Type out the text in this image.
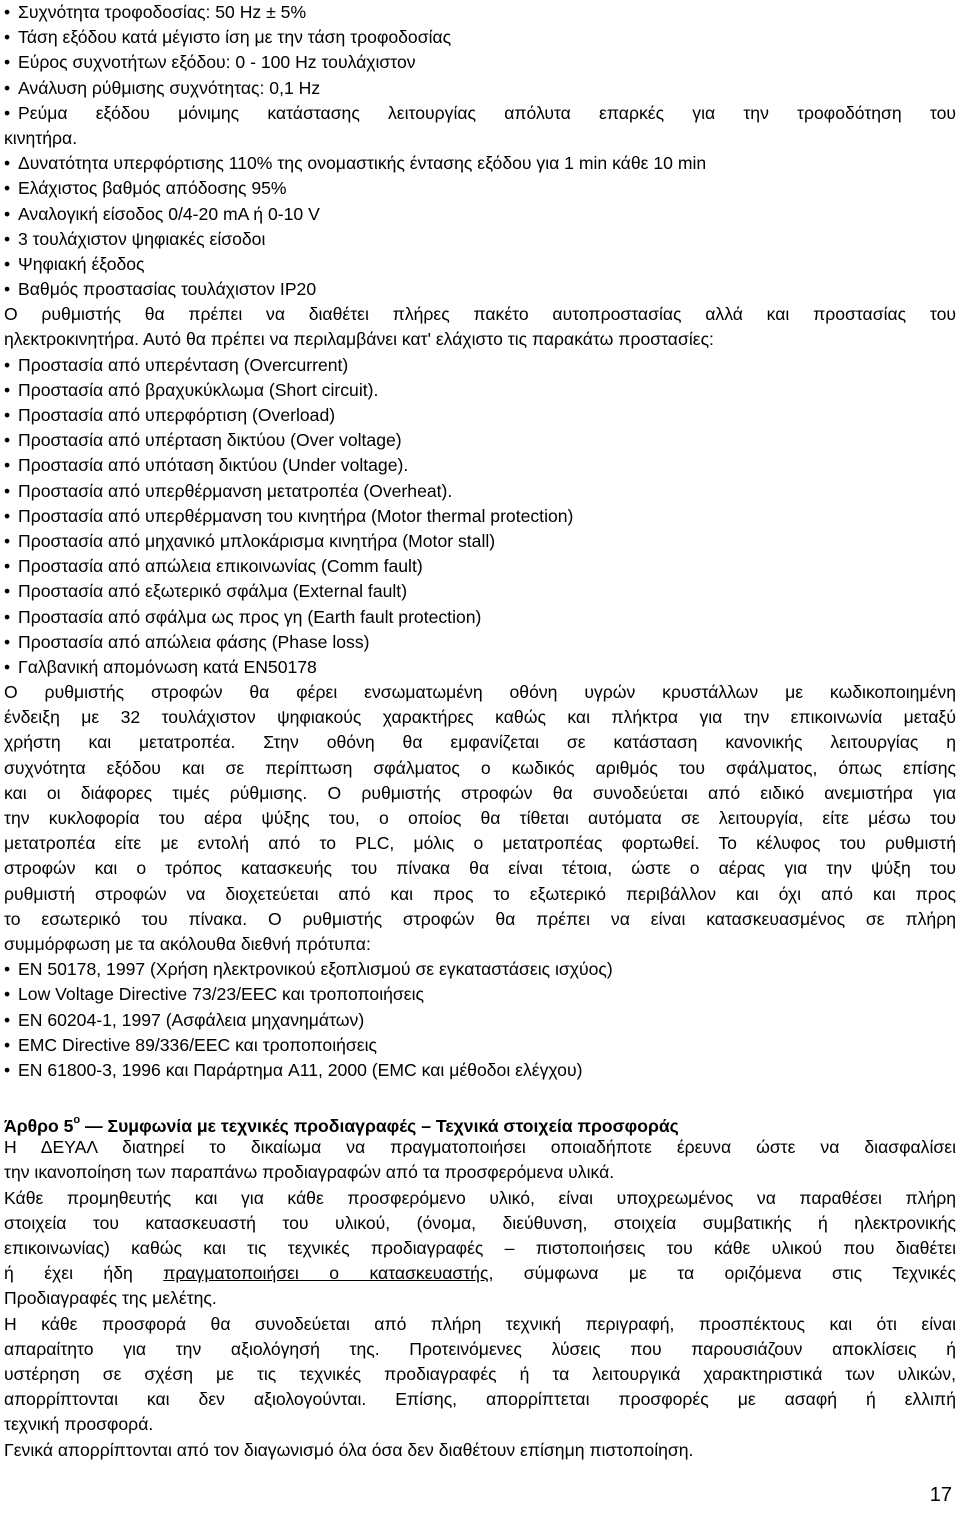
• Συχνότητα τροφοδοσίας: 50 Hz ± 5%
• Τάση εξόδου κατά μέγιστο ίση με την τάση τροφοδοσίας
• Εύρος συχνοτήτων εξόδου: 0 - 100 Hz τουλάχιστον
• Ανάλυση ρύθμισης συχνότητας: 0,1 Hz
• Ρεύμα εξόδου μόνιμης κατάστασης λειτουργίας απόλυτα επαρκές για την τροφοδότηση του
κινητήρα.
• Δυνατότητα υπερφόρτισης 110% της ονομαστικής έντασης εξόδου για 1 min κάθε 10 min
• Ελάχιστος βαθμός απόδοσης 95%
• Αναλογική είσοδος 0/4-20 mA ή 0-10 V
• 3 τουλάχιστον ψηφιακές είσοδοι
• Ψηφιακή έξοδος
• Βαθμός προστασίας τουλάχιστον IP20
Ο ρυθμιστής θα πρέπει να διαθέτει πλήρες πακέτο αυτοπροστασίας αλλά και προστασίας του
ηλεκτροκινητήρα. Αυτό θα πρέπει να περιλαμβάνει κατ' ελάχιστο τις παρακάτω προστασίες:
• Προστασία από υπερένταση (Overcurrent)
• Προστασία από βραχυκύκλωμα (Short circuit).
• Προστασία από υπερφόρτιση (Overload)
• Προστασία από υπέρταση δικτύου (Over voltage)
• Προστασία από υπόταση δικτύου (Under voltage).
• Προστασία από υπερθέρμανση μετατροπέα (Overheat).
• Προστασία από υπερθέρμανση του κινητήρα (Motor thermal protection)
• Προστασία από μηχανικό μπλοκάρισμα κινητήρα (Motor stall)
• Προστασία από απώλεια επικοινωνίας (Comm fault)
• Προστασία από εξωτερικό σφάλμα (External fault)
• Προστασία από σφάλμα ως προς γη (Earth fault protection)
• Προστασία από απώλεια φάσης (Phase loss)
• Γαλβανική απομόνωση κατά EN50178
Ο ρυθμιστής στροφών θα φέρει ενσωματωμένη οθόνη υγρών κρυστάλλων με κωδικοποιημένη
ένδειξη με 32 τουλάχιστον ψηφιακούς χαρακτήρες καθώς και πλήκτρα για την επικοινωνία μεταξύ
χρήστη και μετατροπέα. Στην οθόνη θα εμφανίζεται σε κατάσταση κανονικής λειτουργίας η
συχνότητα εξόδου και σε περίπτωση σφάλματος ο κωδικός αριθμός του σφάλματος, όπως επίσης
και οι διάφορες τιμές ρύθμισης. Ο ρυθμιστής στροφών θα συνοδεύεται από ειδικό ανεμιστήρα για
την κυκλοφορία του αέρα ψύξης του, ο οποίος θα τίθεται αυτόματα σε λειτουργία, είτε μέσω του
μετατροπέα είτε με εντολή από το PLC, μόλις ο μετατροπέας φορτωθεί. Το κέλυφος του ρυθμιστή
στροφών και ο τρόπος κατασκευής του πίνακα θα είναι τέτοια, ώστε ο αέρας για την ψύξη του
ρυθμιστή στροφών να διοχετεύεται από και προς το εξωτερικό περιβάλλον και όχι από και προς
το εσωτερικό του πίνακα. Ο ρυθμιστής στροφών θα πρέπει να είναι κατασκευασμένος σε πλήρη
συμμόρφωση με τα ακόλουθα διεθνή πρότυπα:
• EN 50178, 1997 (Χρήση ηλεκτρονικού εξοπλισμού σε εγκαταστάσεις ισχύος)
• Low Voltage Directive 73/23/EEC και τροποποιήσεις
• EN 60204-1, 1997 (Ασφάλεια μηχανημάτων)
• EMC Directive 89/336/EEC και τροποποιήσεις
• EN 61800-3, 1996 και Παράρτημα A11, 2000 (EMC και μέθοδοι ελέγχου)
Άρθρο $5^o$ — Συμφωνία με τεχνικές προδιαγραφές – Τεχνικά στοιχεία προσφοράς
Η ΔΕΥΑΛ διατηρεί το δικαίωμα να πραγματοποιήσει οποιαδήποτε έρευνα ώστε να διασφαλίσει
την ικανοποίηση των παραπάνω προδιαγραφών από τα προσφερόμενα υλικά.
Κάθε προμηθευτής και για κάθε προσφερόμενο υλικό, είναι υποχρεωμένος να παραθέσει πλήρη
στοιχεία του κατασκευαστή του υλικού, (όνομα, διεύθυνση, στοιχεία συμβατικής ή ηλεκτρονικής
επικοινωνίας) καθώς και τις τεχνικές προδιαγραφές – πιστοποιήσεις του κάθε υλικού που διαθέτει
ή έχει ήδη πραγματοποιήσει ο κατασκευαστής, σύμφωνα με τα οριζόμενα στις Τεχνικές
Προδιαγραφές της μελέτης.
Η κάθε προσφορά θα συνοδεύεται από πλήρη τεχνική περιγραφή, προσπέκτους και ότι είναι
απαραίτητο για την αξιολόγησή της. Προτεινόμενες λύσεις που παρουσιάζουν αποκλίσεις ή
υστέρηση σε σχέση με τις τεχνικές προδιαγραφές ή τα λειτουργικά χαρακτηριστικά των υλικών,
απορρίπτονται και δεν αξιολογούνται. Επίσης, απορρίπτεται προσφορές με ασαφή ή ελλιπή
τεχνική προσφορά.
Γενικά απορρίπτονται από τον διαγωνισμό όλα όσα δεν διαθέτουν επίσημη πιστοποίηση.
17
